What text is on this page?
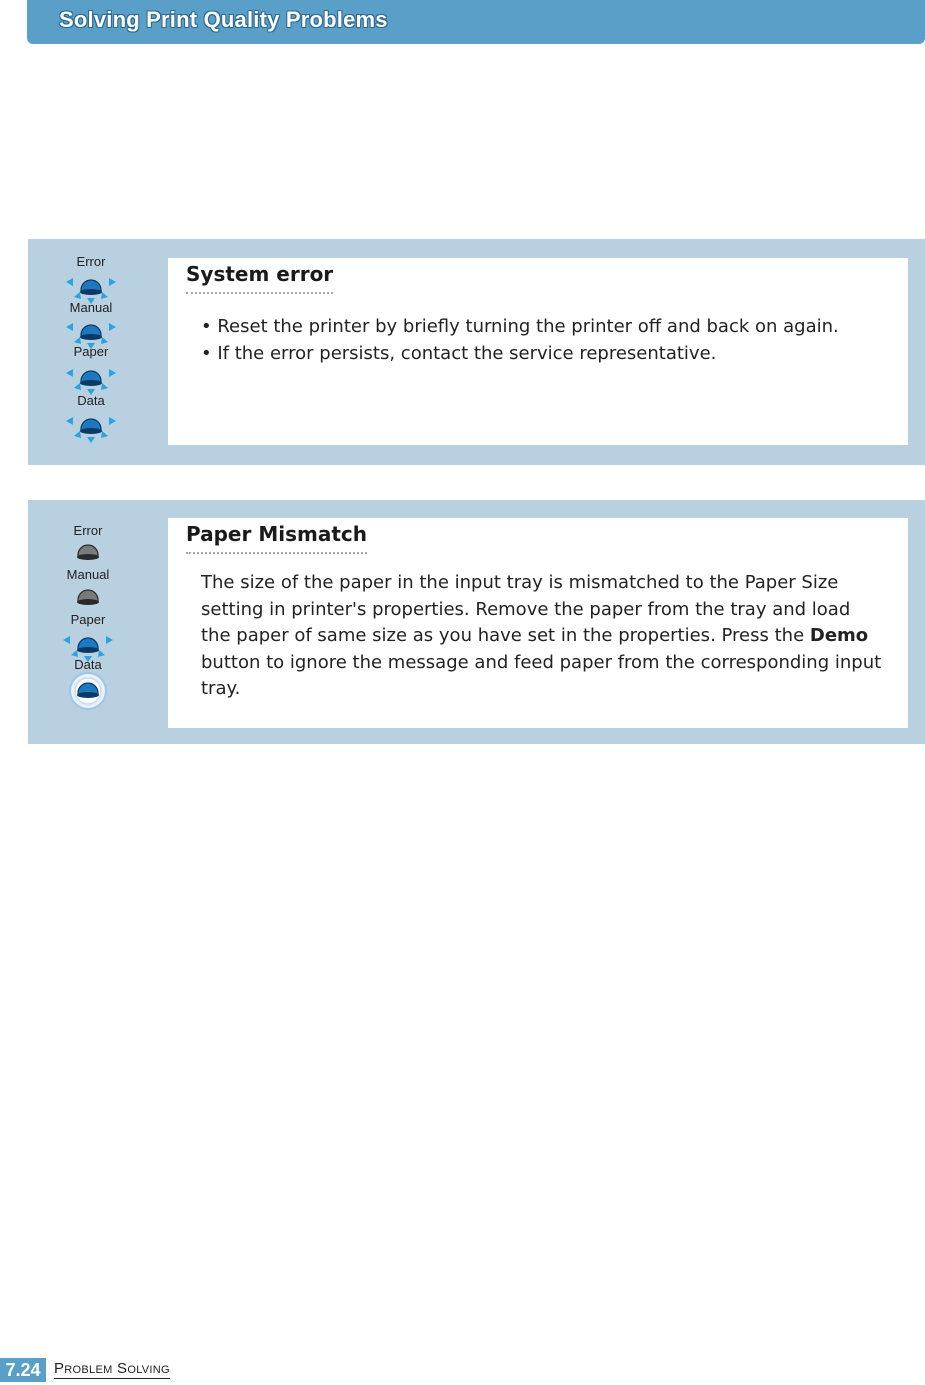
Solving Print Quality Problems
Error
Manual
Paper
Data
System error
• Reset the printer by briefly turning the printer off and back on again.
• If the error persists, contact the service representative.
Error
Manual
Paper
Data
Paper Mismatch
The size of the paper in the input tray is mismatched to the Paper Size setting in printer's properties. Remove the paper from the tray and load the paper of same size as you have set in the properties. Press the Demo button to ignore the message and feed paper from the corresponding input tray.
7.24 Problem Solving
